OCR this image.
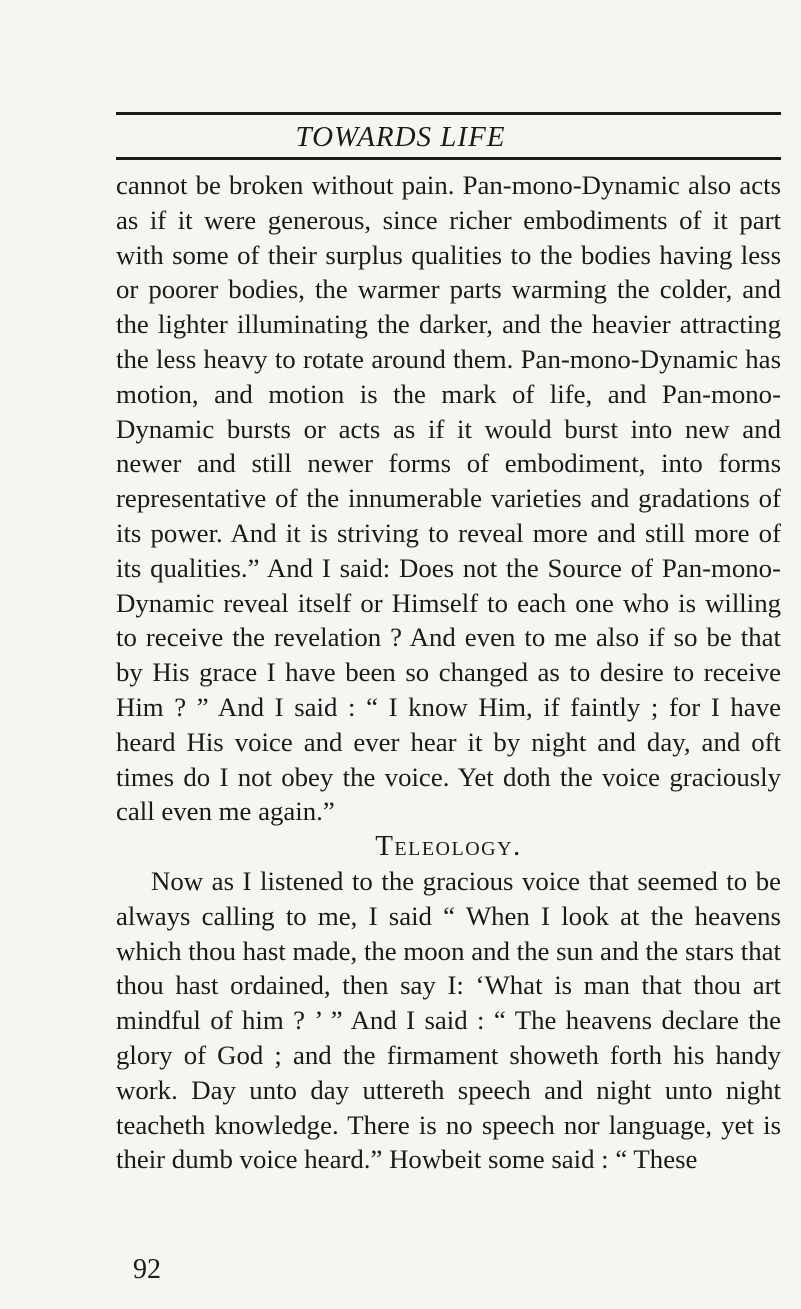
TOWARDS LIFE

cannot be broken without pain. Pan-mono-Dynamic also acts as if it were generous, since richer embodiments of it part with some of their surplus qualities to the bodies having less or poorer bodies, the warmer parts warming the colder, and the lighter illuminating the darker, and the heavier attracting the less heavy to rotate around them. Pan-mono-Dynamic has motion, and motion is the mark of life, and Pan-mono-Dynamic bursts or acts as if it would burst into new and newer and still newer forms of embodiment, into forms representative of the innumerable varieties and gradations of its power. And it is striving to reveal more and still more of its qualities.” And I said: Does not the Source of Pan-mono-Dynamic reveal itself or Himself to each one who is willing to receive the revelation ? And even to me also if so be that by His grace I have been so changed as to desire to receive Him ? ” And I said : “ I know Him, if faintly ; for I have heard His voice and ever hear it by night and day, and oft times do I not obey the voice. Yet doth the voice graciously call even me again.”

Teleology.

Now as I listened to the gracious voice that seemed to be always calling to me, I said “ When I look at the heavens which thou hast made, the moon and the sun and the stars that thou hast ordained, then say I: ‘What is man that thou art mindful of him ? ’ ” And I said : “ The heavens declare the glory of God ; and the firmament showeth forth his handy work. Day unto day uttereth speech and night unto night teacheth knowledge. There is no speech nor language, yet is their dumb voice heard.” Howbeit some said : “ These

92
